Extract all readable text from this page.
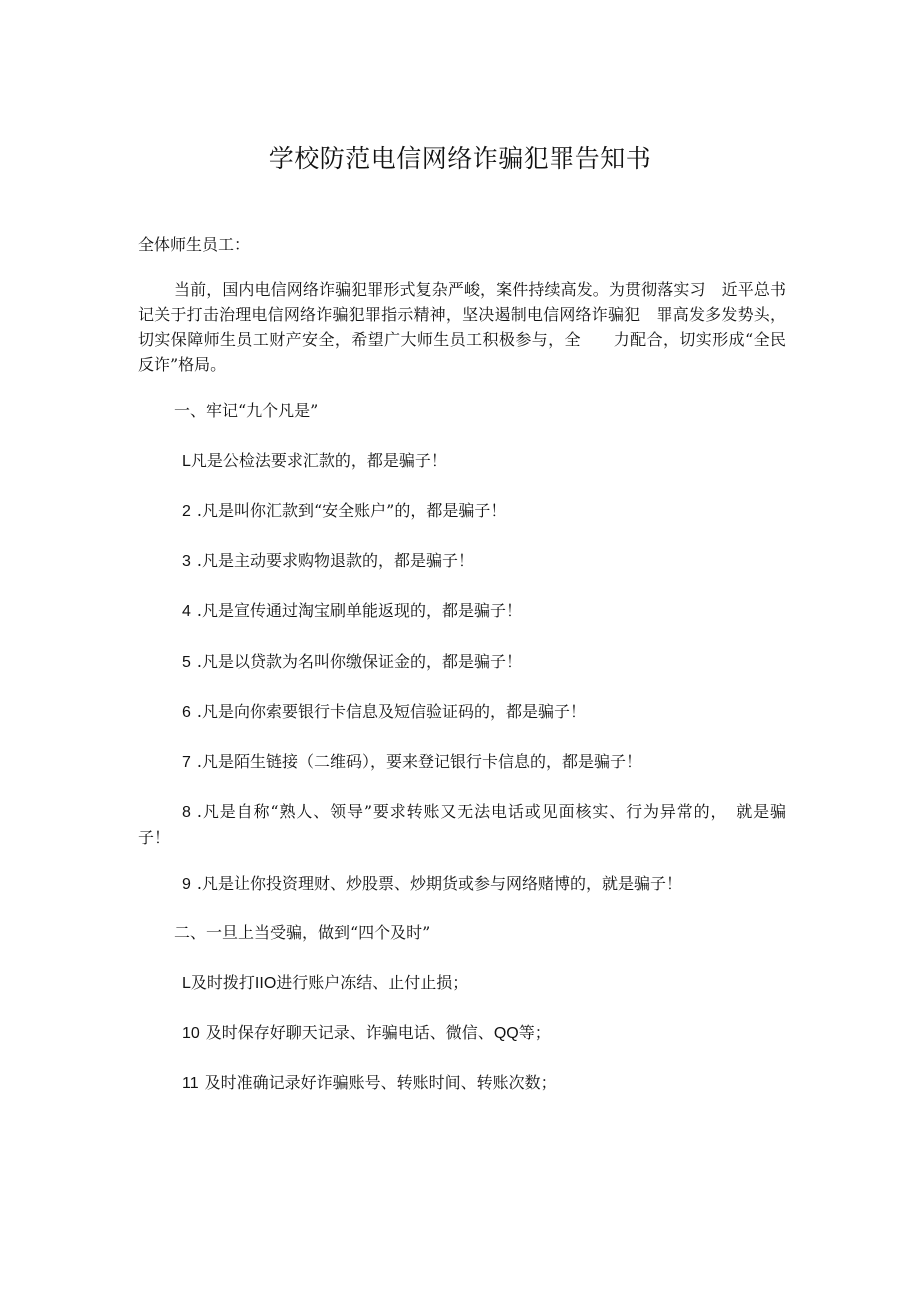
学校防范电信网络诈骗犯罪告知书
全体师生员工：
当前，国内电信网络诈骗犯罪形式复杂严峻，案件持续高发。为贯彻落实习　近平总书记关于打击治理电信网络诈骗犯罪指示精神，坚决遏制电信网络诈骗犯　罪高发多发势头，切实保障师生员工财产安全，希望广大师生员工积极参与，全　　力配合，切实形成“全民反诈”格局。
一、牢记“九个凡是”
L凡是公检法要求汇款的，都是骗子！
2 .凡是叫你汇款到“安全账户”的，都是骗子！
3 .凡是主动要求购物退款的，都是骗子！
4 .凡是宣传通过淘宝刷单能返现的，都是骗子！
5 .凡是以贷款为名叫你缴保证金的，都是骗子！
6 .凡是向你索要银行卡信息及短信验证码的，都是骗子！
7 .凡是陌生链接（二维码），要来登记银行卡信息的，都是骗子！
8 .凡是自称“熟人、领导”要求转账又无法电话或见面核实、行为异常的，　就是骗子！
9 .凡是让你投资理财、炒股票、炒期货或参与网络赌博的，就是骗子！
二、一旦上当受骗，做到“四个及时”
L及时拨打IIO进行账户冻结、止付止损；
10 及时保存好聊天记录、诈骗电话、微信、QQ等；
11 及时准确记录好诈骗账号、转账时间、转账次数；
